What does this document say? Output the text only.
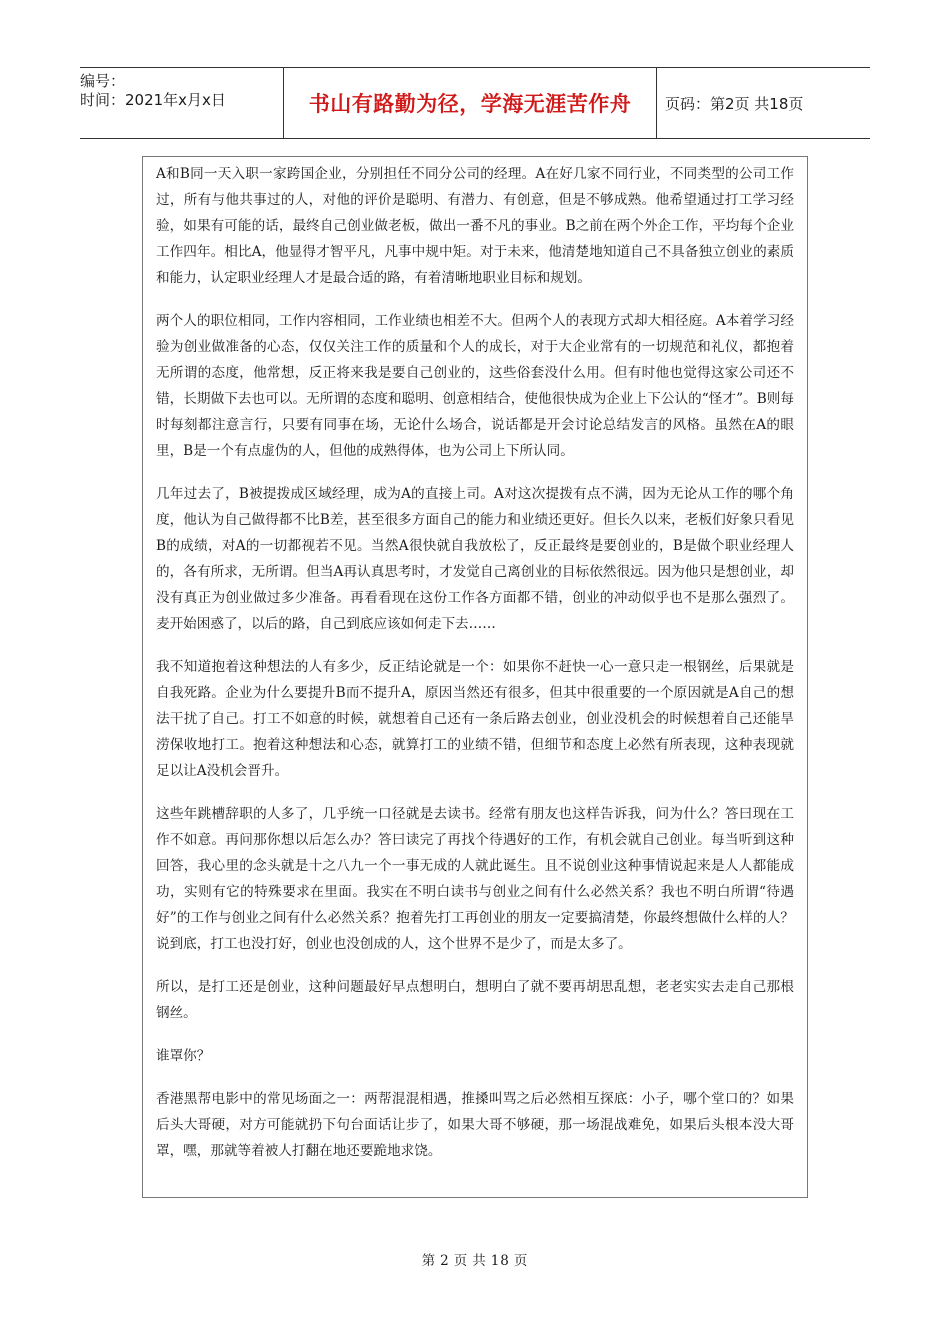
编号：
时间：2021年x月x日	书山有路勤为径，学海无涯苦作舟 页码：第2页 共18页

A和B同一天入职一家跨国企业，分别担任不同分公司的经理。A在好几家不同行业，不同类型的公司工作过，所有与他共事过的人，对他的评价是聪明、有潜力、有创意，但是不够成熟。他希望通过打工学习经验，如果有可能的话，最终自己创业做老板，做出一番不凡的事业。B之前在两个外企工作，平均每个企业工作四年。相比A，他显得才智平凡，凡事中规中矩。对于未来，他清楚地知道自己不具备独立创业的素质和能力，认定职业经理人才是最合适的路，有着清晰地职业目标和规划。

两个人的职位相同，工作内容相同，工作业绩也相差不大。但两个人的表现方式却大相径庭。A本着学习经验为创业做准备的心态，仅仅关注工作的质量和个人的成长，对于大企业常有的一切规范和礼仪，都抱着无所谓的态度，他常想，反正将来我是要自己创业的，这些俗套没什么用。但有时他也觉得这家公司还不错，长期做下去也可以。无所谓的态度和聪明、创意相结合，使他很快成为企业上下公认的“怪才”。B则每时每刻都注意言行，只要有同事在场，无论什么场合，说话都是开会讨论总结发言的风格。虽然在A的眼里，B是一个有点虚伪的人，但他的成熟得体，也为公司上下所认同。

几年过去了，B被提拨成区域经理，成为A的直接上司。A对这次提拨有点不满，因为无论从工作的哪个角度，他认为自己做得都不比B差，甚至很多方面自己的能力和业绩还更好。但长久以来，老板们好象只看见B的成绩，对A的一切都视若不见。当然A很快就自我放松了，反正最终是要创业的，B是做个职业经理人的，各有所求，无所谓。但当A再认真思考时，才发觉自己离创业的目标依然很远。因为他只是想创业，却没有真正为创业做过多少准备。再看看现在这份工作各方面都不错，创业的冲动似乎也不是那么强烈了。麦开始困惑了，以后的路，自己到底应该如何走下去……

我不知道抱着这种想法的人有多少，反正结论就是一个：如果你不赶快一心一意只走一根钢丝，后果就是自我死路。企业为什么要提升B而不提升A，原因当然还有很多，但其中很重要的一个原因就是A自己的想法干扰了自己。打工不如意的时候，就想着自己还有一条后路去创业，创业没机会的时候想着自己还能旱涝保收地打工。抱着这种想法和心态，就算打工的业绩不错，但细节和态度上必然有所表现，这种表现就足以让A没机会晋升。

这些年跳槽辞职的人多了，几乎统一口径就是去读书。经常有朋友也这样告诉我，问为什么？答曰现在工作不如意。再问那你想以后怎么办？答曰读完了再找个待遇好的工作，有机会就自己创业。每当听到这种回答，我心里的念头就是十之八九一个一事无成的人就此诞生。且不说创业这种事情说起来是人人都能成功，实则有它的特殊要求在里面。我实在不明白读书与创业之间有什么必然关系？我也不明白所谓“待遇好”的工作与创业之间有什么必然关系？抱着先打工再创业的朋友一定要搞清楚，你最终想做什么样的人？说到底，打工也没打好，创业也没创成的人，这个世界不是少了，而是太多了。

所以，是打工还是创业，这种问题最好早点想明白，想明白了就不要再胡思乱想，老老实实去走自己那根钢丝。

谁罩你？

香港黑帮电影中的常见场面之一：两帮混混相遇，推搡叫骂之后必然相互探底：小子，哪个堂口的？如果后头大哥硬，对方可能就扔下句台面话让步了，如果大哥不够硬，那一场混战难免，如果后头根本没大哥罩，嘿，那就等着被人打翻在地还要跪地求饶。

第 2 页 共 18 页
